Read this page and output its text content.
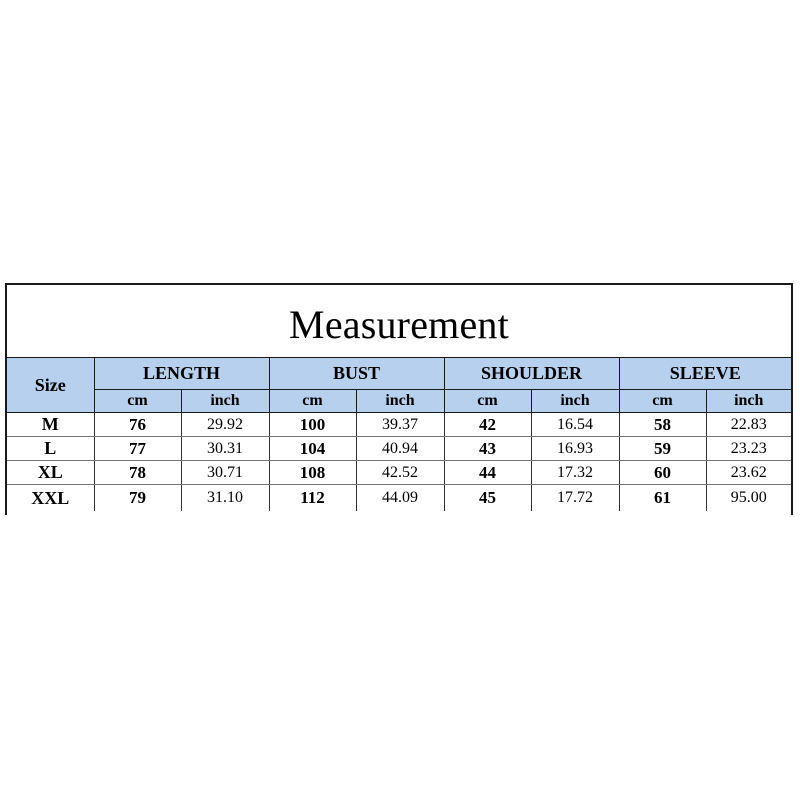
Measurement
Size	LENGTH		BUST		SHOULDER		SLEEVE	
	cm	inch	cm	inch	cm	inch	cm	inch
M	76	29.92	100	39.37	42	16.54	58	22.83
L	77	30.31	104	40.94	43	16.93	59	23.23
XL	78	30.71	108	42.52	44	17.32	60	23.62
XXL	79	31.10	112	44.09	45	17.72	61	95.00
